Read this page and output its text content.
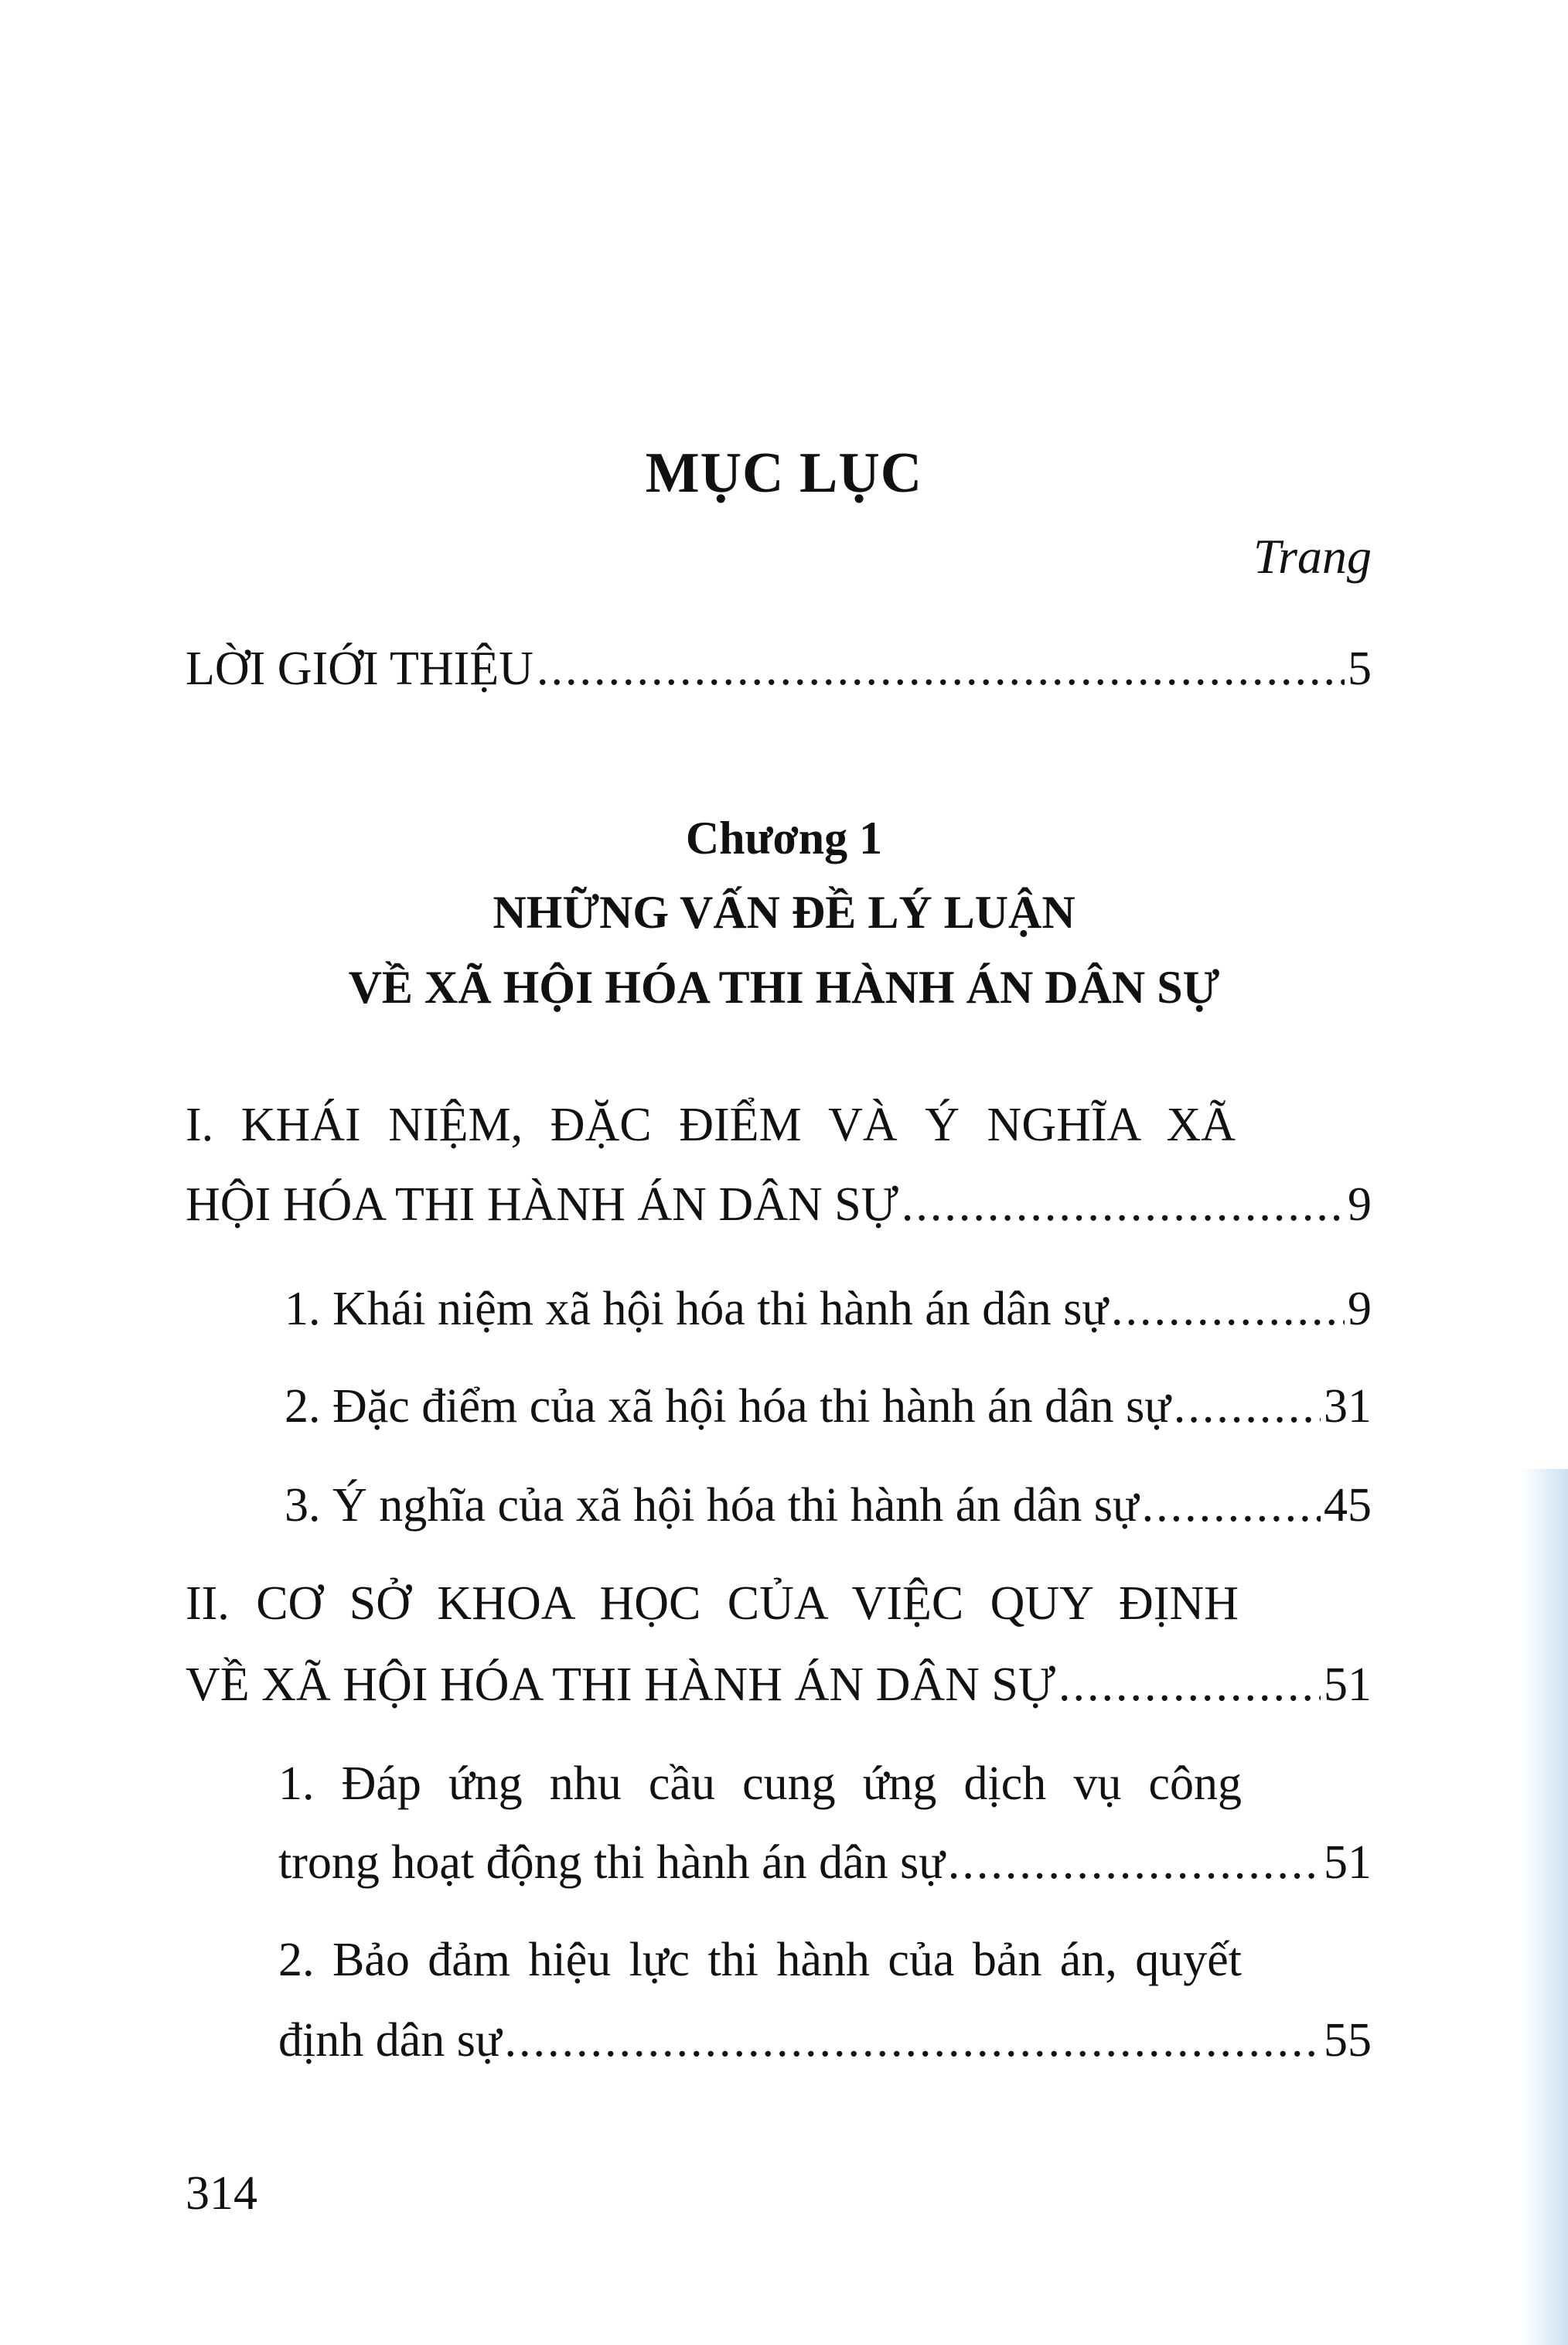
MỤC LỤC
Trang
LỜI GIỚI THIỆU .....	5
Chương 1
NHỮNG VẤN ĐỀ LÝ LUẬN
VỀ XÃ HỘI HÓA THI HÀNH ÁN DÂN SỰ
I. KHÁI NIỆM, ĐẶC ĐIỂM VÀ Ý NGHĨA XÃ
HỘI HÓA THI HÀNH ÁN DÂN SỰ .....	9
1. Khái niệm xã hội hóa thi hành án dân sự .....	9
2. Đặc điểm của xã hội hóa thi hành án dân sự .....	31
3. Ý nghĩa của xã hội hóa thi hành án dân sự .....	45
II. CƠ SỞ KHOA HỌC CỦA VIỆC QUY ĐỊNH
VỀ XÃ HỘI HÓA THI HÀNH ÁN DÂN SỰ .....	51
1. Đáp ứng nhu cầu cung ứng dịch vụ công
trong hoạt động thi hành án dân sự .....	51
2. Bảo đảm hiệu lực thi hành của bản án, quyết
định dân sự .....	55
314
